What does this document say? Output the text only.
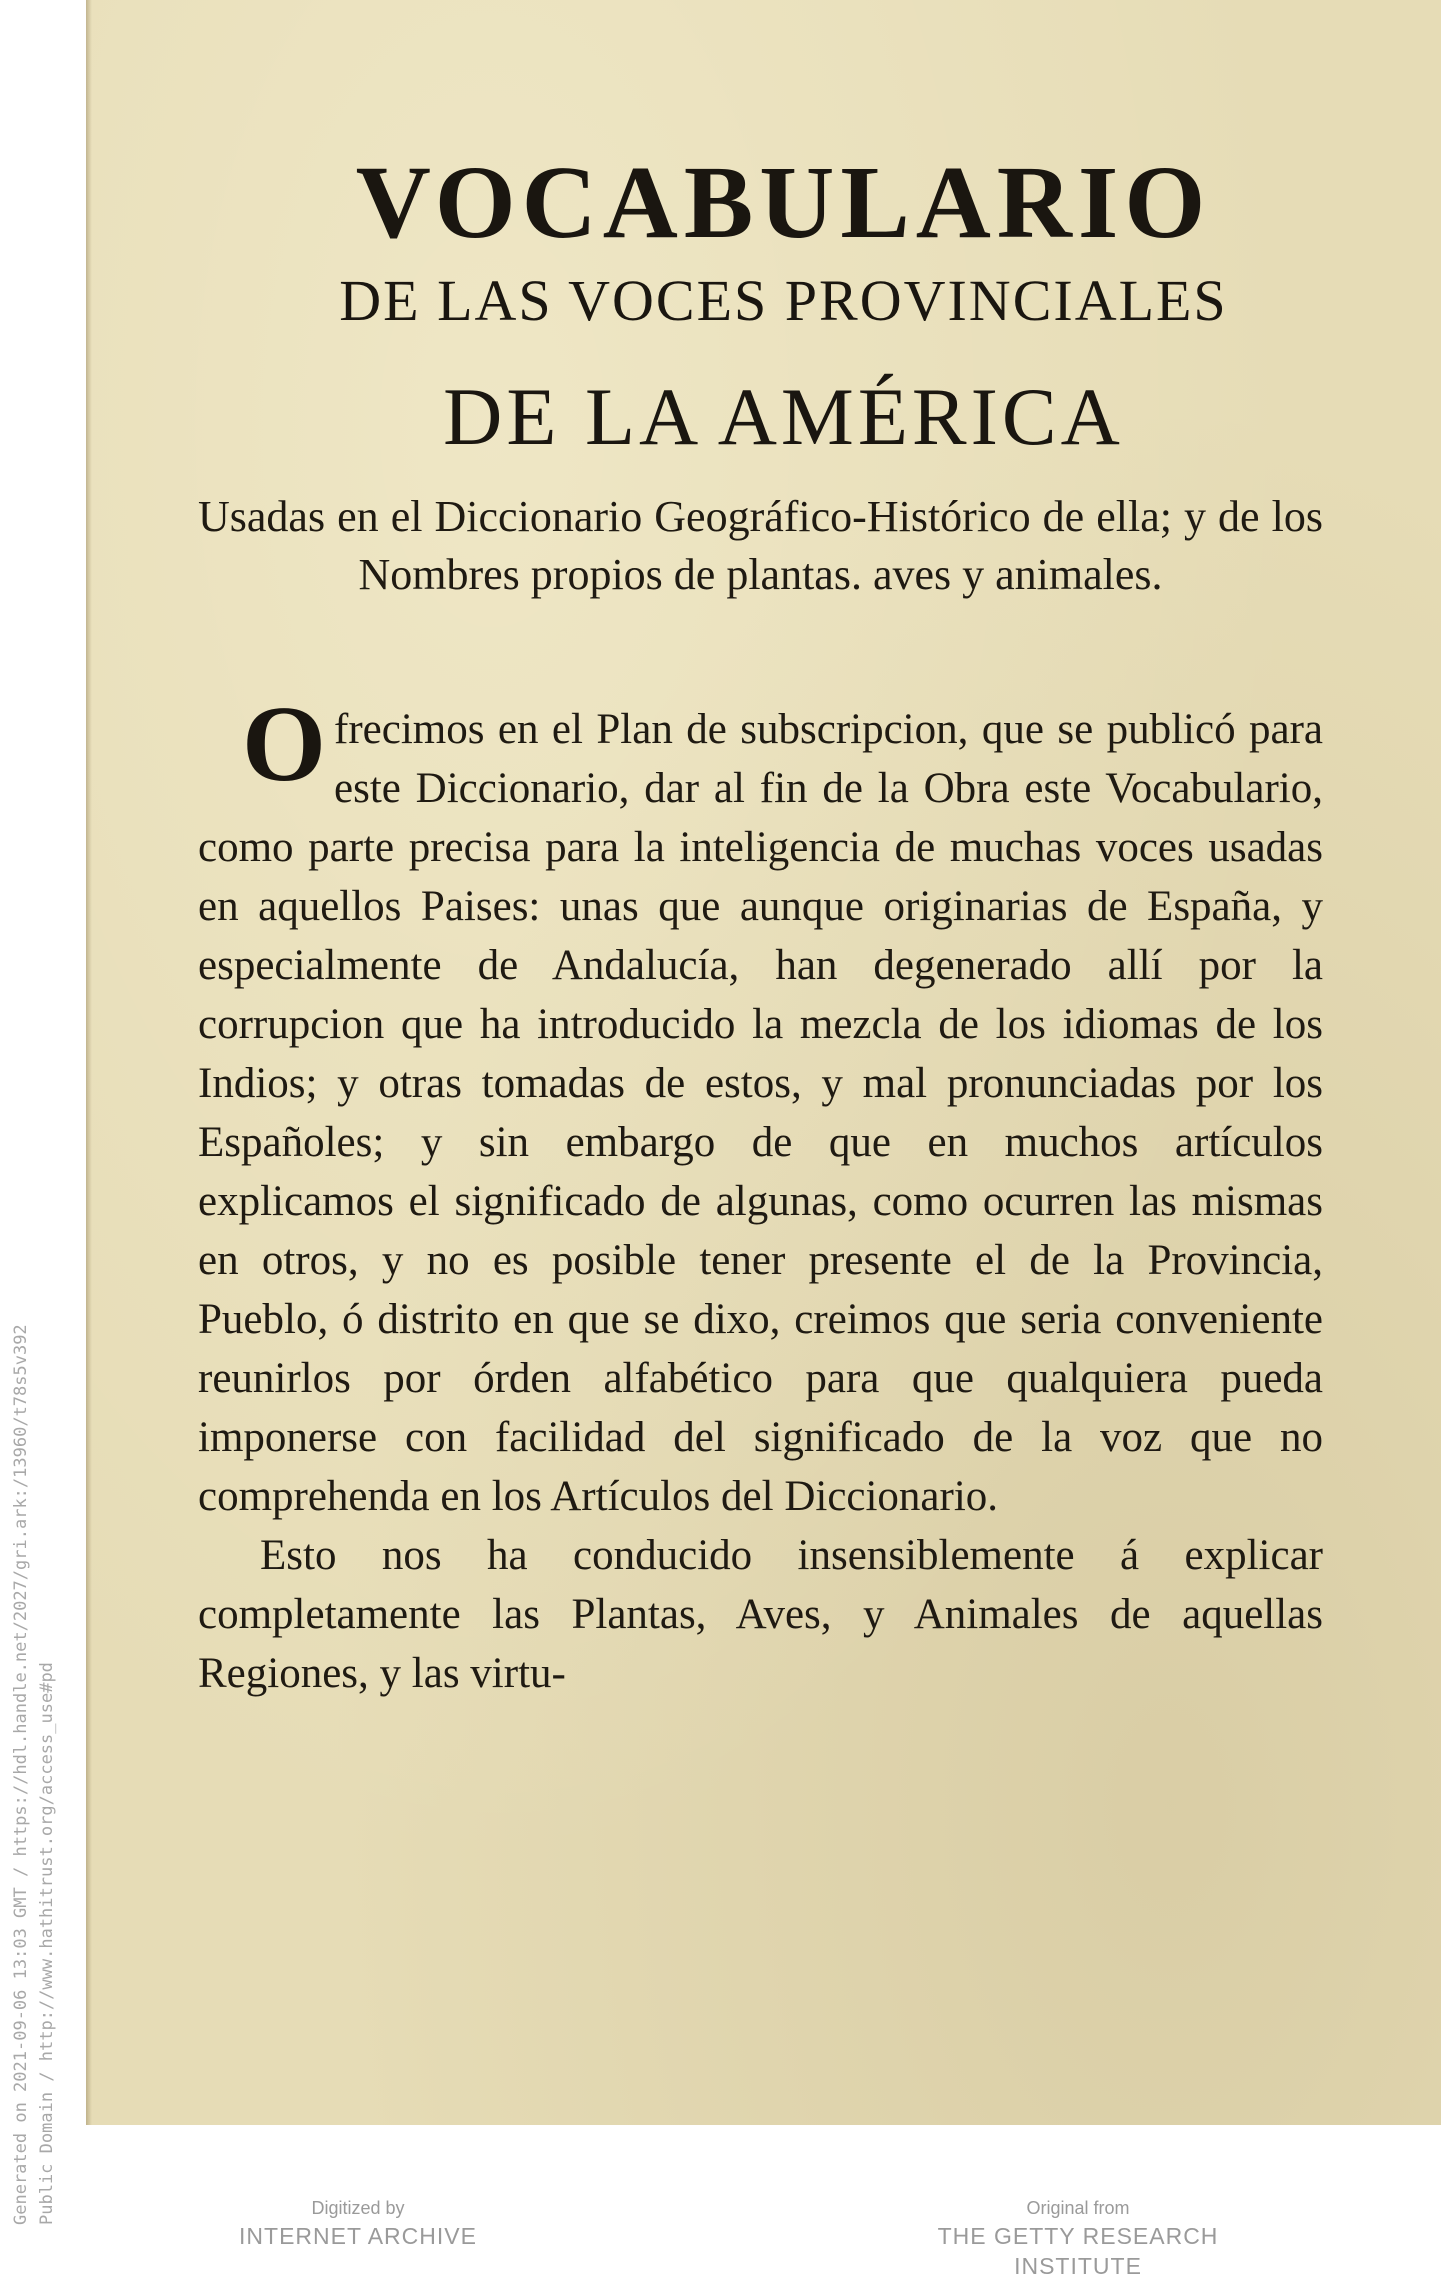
Generated on 2021-09-06 13:03 GMT / https://hdl.handle.net/2027/gri.ark:/13960/t78s5v392 Public Domain / http://www.hathitrust.org/access_use#pd
VOCABULARIO
DE LAS VOCES PROVINCIALES
DE LA AMÉRICA
Usadas en el Diccionario Geográfico-Histórico de ella; y de los Nombres propios de plantas. aves y animales.

Ofrecimos en el Plan de subscripcion, que se publicó para este Diccionario, dar al fin de la Obra este Vocabulario, como parte precisa para la inteligencia de muchas voces usadas en aquellos Paises: unas que aunque originarias de España, y especialmente de Andalucía, han degenerado allí por la corrupcion que ha introducido la mezcla de los idiomas de los Indios; y otras tomadas de estos, y mal pronunciadas por los Españoles; y sin embargo de que en muchos artículos explicamos el significado de algunas, como ocurren las mismas en otros, y no es posible tener presente el de la Provincia, Pueblo, ó distrito en que se dixo, creimos que seria conveniente reunirlos por órden alfabético para que qualquiera pueda imponerse con facilidad del significado de la voz que no comprehenda en los Artículos del Diccionario.

Esto nos ha conducido insensiblemente á explicar completamente las Plantas, Aves, y Animales de aquellas Regiones, y las virtu-

Digitized by
INTERNET ARCHIVE
Original from
THE GETTY RESEARCH INSTITUTE
